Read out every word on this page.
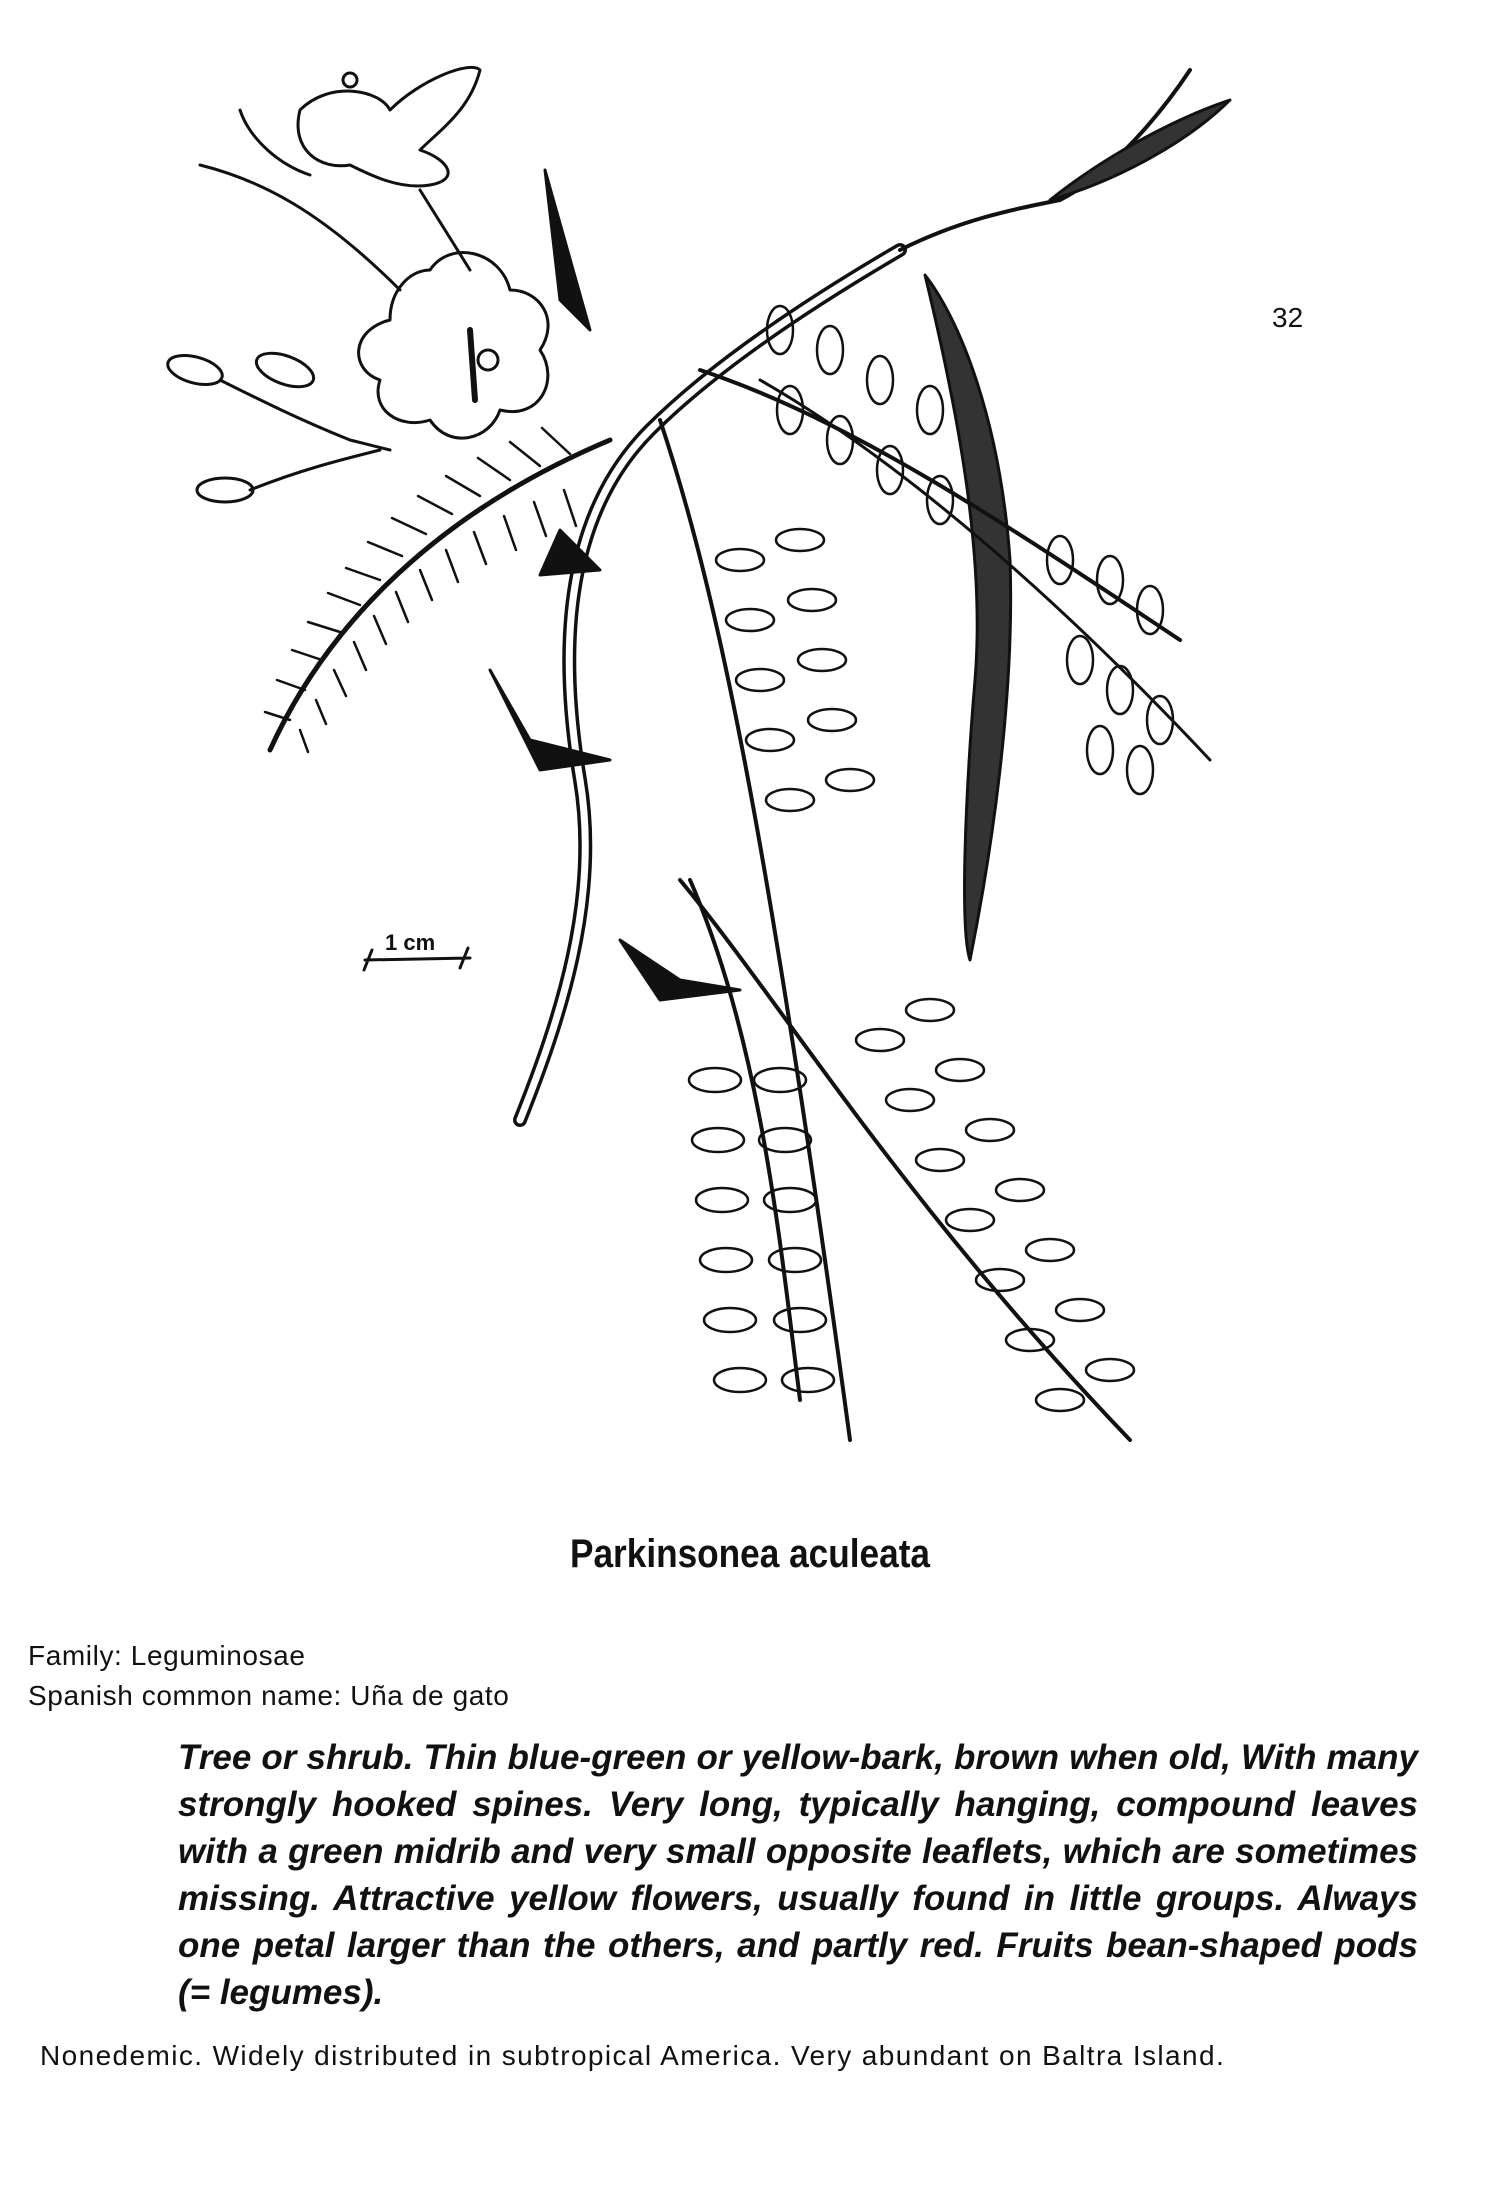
1 cm
32
Parkinsonea aculeata
Family: Leguminosae
Spanish common name: Uña de gato
Tree or shrub. Thin blue-green or yellow-bark, brown when old, With many strongly hooked spines. Very long, typically hanging, compound leaves with a green midrib and very small opposite leaflets, which are sometimes missing. Attractive yellow flowers, usually found in little groups. Always one petal larger than the others, and partly red. Fruits bean-shaped pods (= legumes).
Nonedemic. Widely distributed in subtropical America. Very abundant on Baltra Island.
